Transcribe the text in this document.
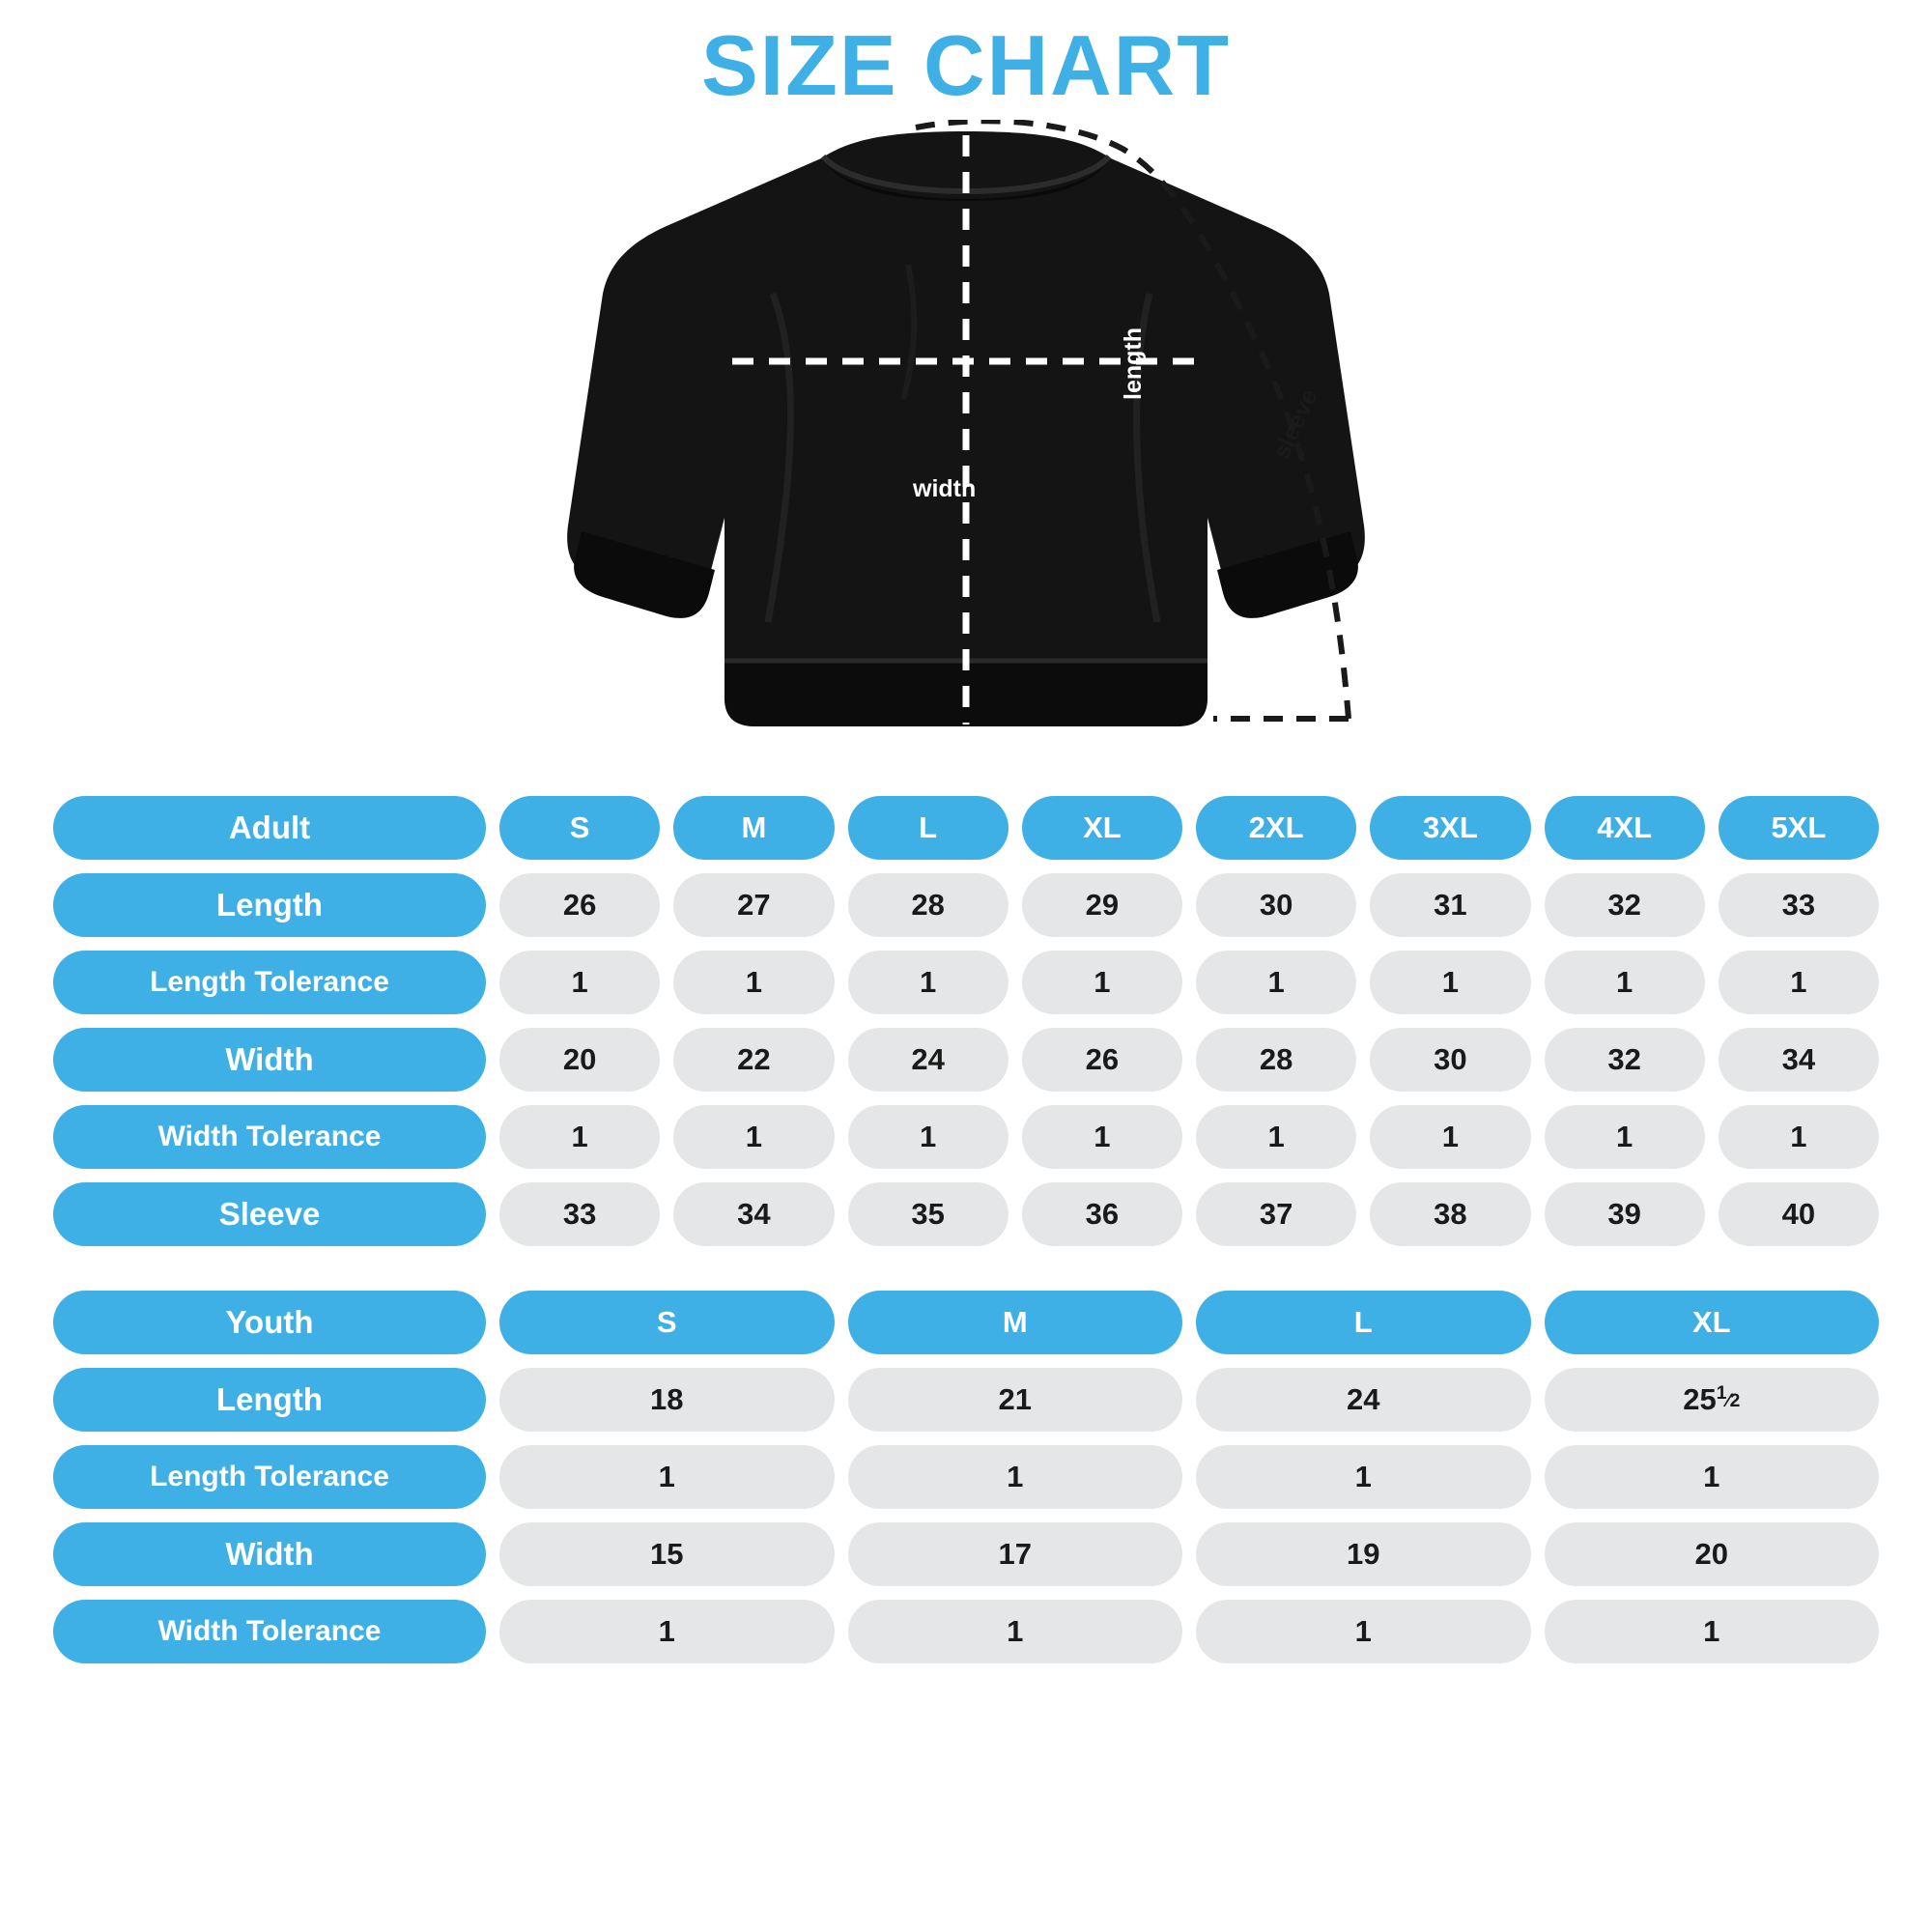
SIZE CHART
width
length
sleeve
Adult	S	M	L	XL	2XL	3XL	4XL	5XL
Length	26	27	28	29	30	31	32	33
Length Tolerance	1	1	1	1	1	1	1	1
Width	20	22	24	26	28	30	32	34
Width Tolerance	1	1	1	1	1	1	1	1
Sleeve	33	34	35	36	37	38	39	40
Youth	S	M	L	XL
Length	18	21	24	25 1 ⁄2
Length Tolerance	1	1	1	1
Width	15	17	19	20
Width Tolerance	1	1	1	1
